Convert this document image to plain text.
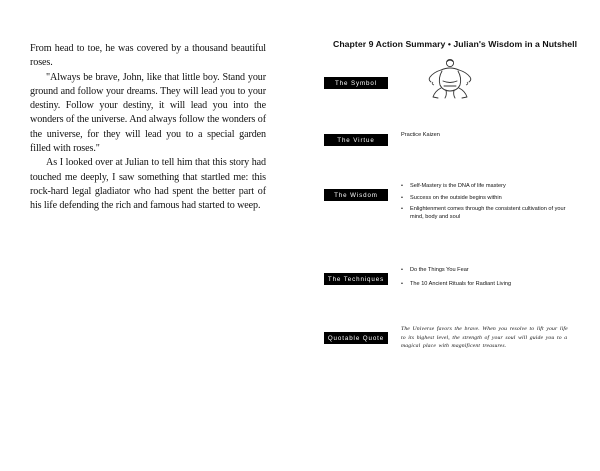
From head to toe, he was covered by a thousand beautiful roses.

"Always be brave, John, like that little boy. Stand your ground and follow your dreams. They will lead you to your destiny. Follow your destiny, it will lead you into the wonders of the universe. And always follow the wonders of the universe, for they will lead you to a special garden filled with roses."

As I looked over at Julian to tell him that this story had touched me deeply, I saw something that startled me: this rock-hard legal gladiator who had spent the better part of his life defending the rich and famous had started to weep.

Chapter 9 Action Summary • Julian's Wisdom in a Nutshell
The Symbol
The Virtue
Practice Kaizen
The Wisdom
• Self-Mastery is the DNA of life mastery
• Success on the outside begins within
• Enlightenment comes through the consistent cultivation of your mind, body and soul
The Techniques
• Do the Things You Fear
• The 10 Ancient Rituals for Radiant Living
Quotable Quote
The Universe favors the brave. When you resolve to lift your life to its highest level, the strength of your soul will guide you to a magical place with magnificent treasures.
